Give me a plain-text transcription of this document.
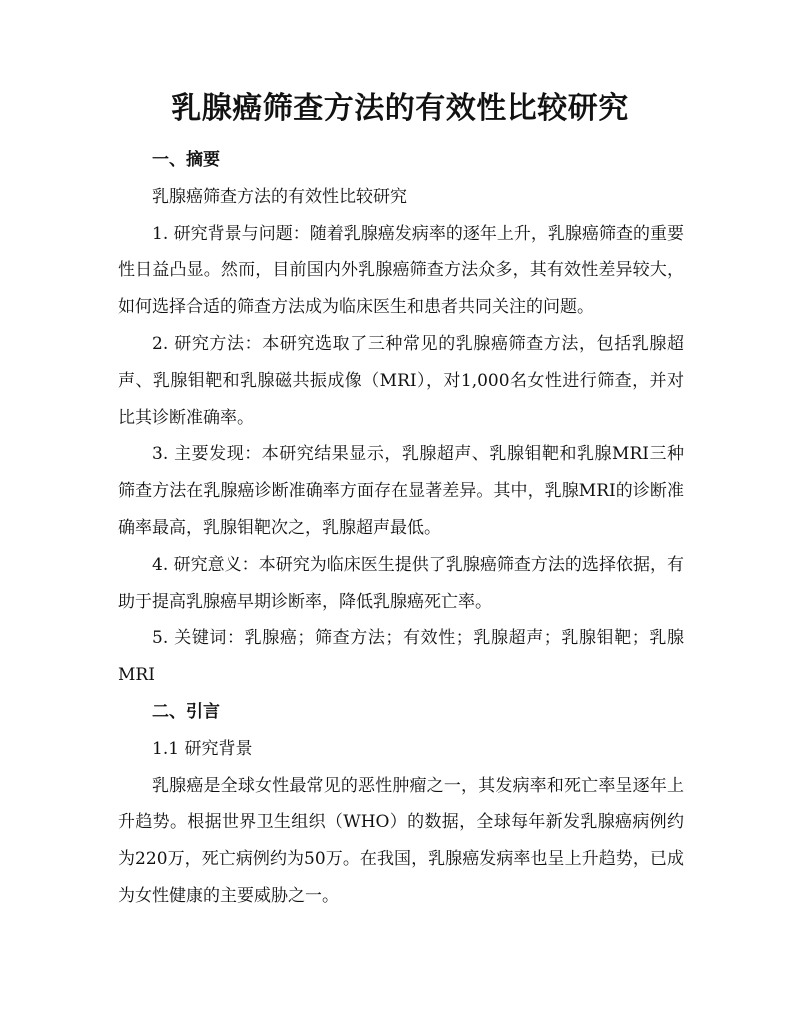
乳腺癌筛查方法的有效性比较研究
一、摘要

乳腺癌筛查方法的有效性比较研究

1. 研究背景与问题：随着乳腺癌发病率的逐年上升，乳腺癌筛查的重要性日益凸显。然而，目前国内外乳腺癌筛查方法众多，其有效性差异较大，如何选择合适的筛查方法成为临床医生和患者共同关注的问题。

2. 研究方法：本研究选取了三种常见的乳腺癌筛查方法，包括乳腺超声、乳腺钼靶和乳腺磁共振成像（MRI），对1,000名女性进行筛查，并对比其诊断准确率。

3. 主要发现：本研究结果显示，乳腺超声、乳腺钼靶和乳腺MRI三种筛查方法在乳腺癌诊断准确率方面存在显著差异。其中，乳腺MRI的诊断准确率最高，乳腺钼靶次之，乳腺超声最低。

4. 研究意义：本研究为临床医生提供了乳腺癌筛查方法的选择依据，有助于提高乳腺癌早期诊断率，降低乳腺癌死亡率。

5. 关键词：乳腺癌；筛查方法；有效性；乳腺超声；乳腺钼靶；乳腺MRI

二、引言

1.1 研究背景

乳腺癌是全球女性最常见的恶性肿瘤之一，其发病率和死亡率呈逐年上升趋势。根据世界卫生组织（WHO）的数据，全球每年新发乳腺癌病例约为220万，死亡病例约为50万。在我国，乳腺癌发病率也呈上升趋势，已成为女性健康的主要威胁之一。
